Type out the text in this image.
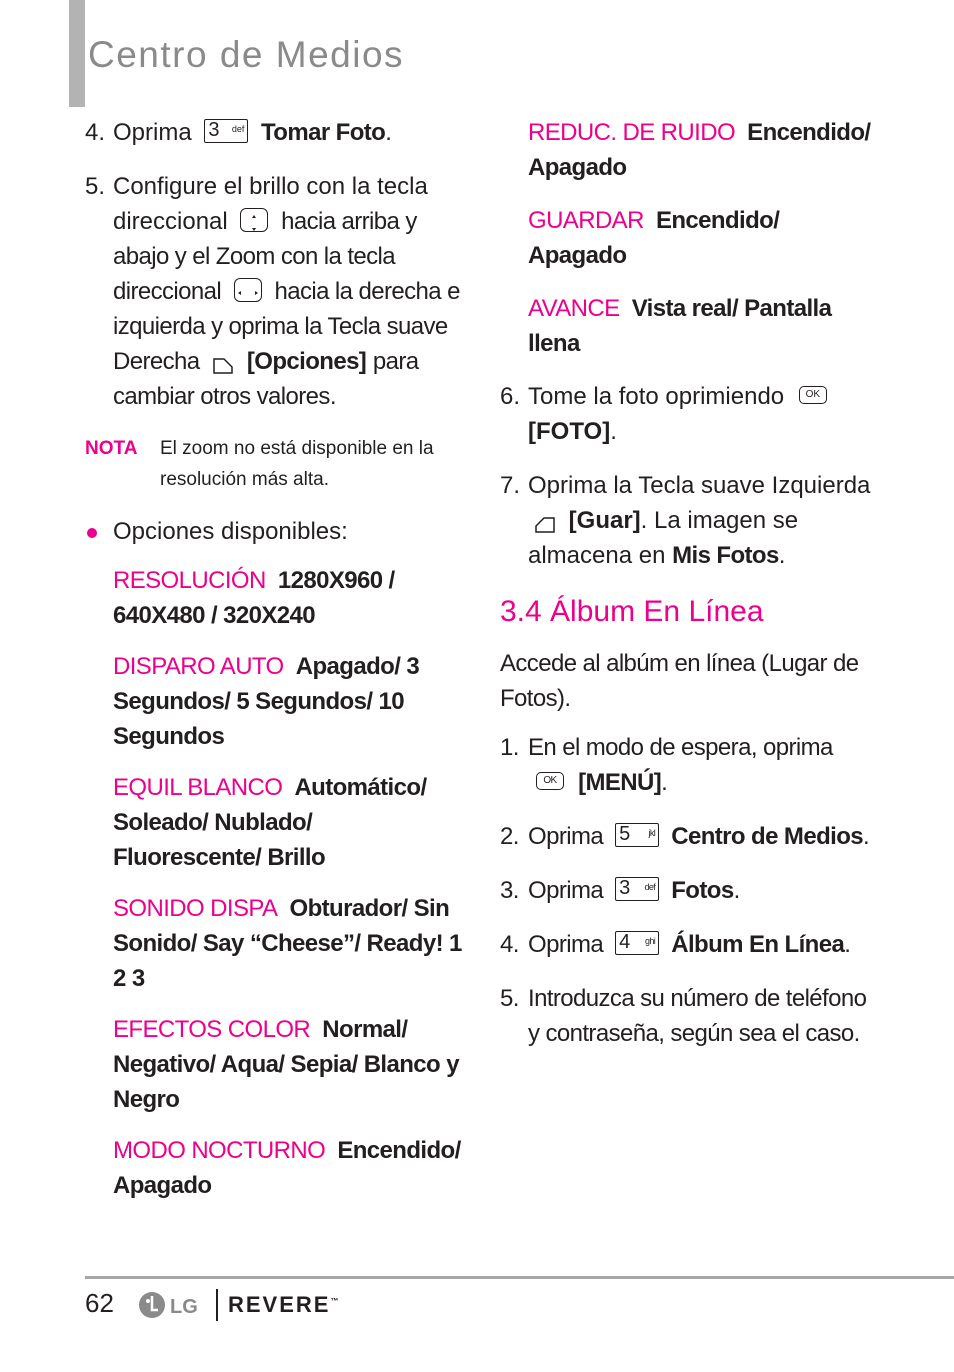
Centro de Medios
4. Oprima 3 def Tomar Foto.
5. Configure el brillo con la tecla direccional hacia arriba y abajo y el Zoom con la tecla direccional hacia la derecha e izquierda y oprima la Tecla suave Derecha [Opciones] para cambiar otros valores.
NOTA El zoom no está disponible en la resolución más alta.
Opciones disponibles:
RESOLUCIÓN 1280X960 / 640X480 / 320X240
DISPARO AUTO Apagado/ 3 Segundos/ 5 Segundos/ 10 Segundos
EQUIL BLANCO Automático/ Soleado/ Nublado/ Fluorescente/ Brillo
SONIDO DISPA Obturador/ Sin Sonido/ Say “Cheese”/ Ready! 1 2 3
EFECTOS COLOR Normal/ Negativo/ Aqua/ Sepia/ Blanco y Negro
MODO NOCTURNO Encendido/ Apagado
REDUC. DE RUIDO Encendido/ Apagado
GUARDAR Encendido/ Apagado
AVANCE Vista real/ Pantalla llena
6. Tome la foto oprimiendo OK [FOTO].
7. Oprima la Tecla suave Izquierda  [Guar]. La imagen se almacena en Mis Fotos.
3.4 Álbum En Línea
Accede al albúm en línea (Lugar de Fotos).
1. En el modo de espera, oprima OK [MENÚ].
2. Oprima 5 jkl Centro de Medios.
3. Oprima 3 def Fotos.
4. Oprima 4 ghi Álbum En Línea.
5. Introduzca su número de teléfono y contraseña, según sea el caso.
62	LG REVERE™
